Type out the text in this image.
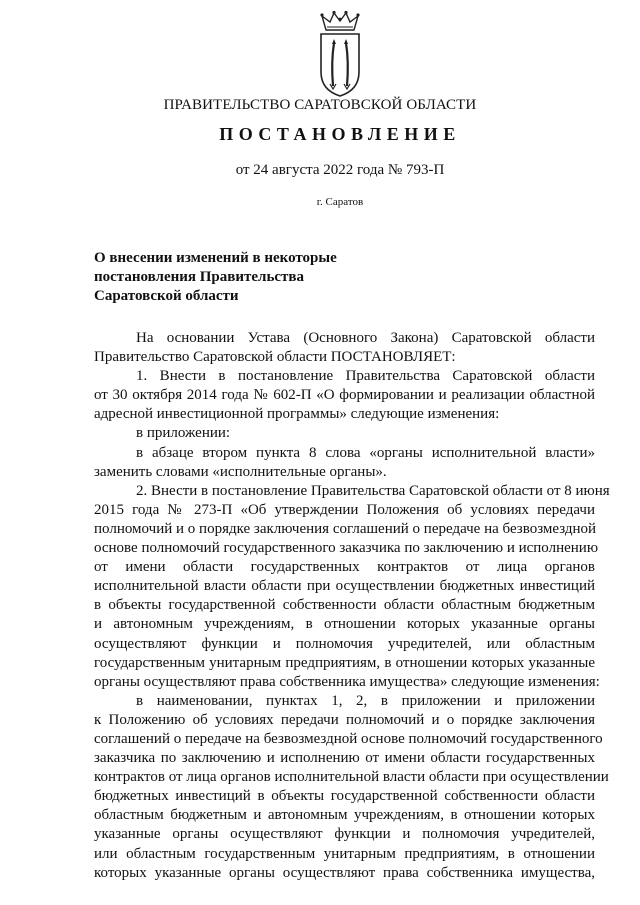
ПРАВИТЕЛЬСТВО САРАТОВСКОЙ ОБЛАСТИ
ПОСТАНОВЛЕНИЕ
от 24 августа 2022 года № 793-П
г. Саратов
О внесении изменений в некоторые
постановления Правительства
Саратовской области
На основании Устава (Основного Закона) Саратовской области
Правительство Саратовской области ПОСТАНОВЛЯЕТ:
1. Внести в постановление Правительства Саратовской области
от 30 октября 2014 года № 602-П «О формировании и реализации областной
адресной инвестиционной программы» следующие изменения:
в приложении:
в абзаце втором пункта 8 слова «органы исполнительной власти»
заменить словами «исполнительные органы».
2. Внести в постановление Правительства Саратовской области от 8 июня
2015 года № 273-П «Об утверждении Положения об условиях передачи
полномочий и о порядке заключения соглашений о передаче на безвозмездной
основе полномочий государственного заказчика по заключению и исполнению
от имени области государственных контрактов от лица органов
исполнительной власти области при осуществлении бюджетных инвестиций
в объекты государственной собственности области областным бюджетным
и автономным учреждениям, в отношении которых указанные органы
осуществляют функции и полномочия учредителей, или областным
государственным унитарным предприятиям, в отношении которых указанные
органы осуществляют права собственника имущества» следующие изменения:
в наименовании, пунктах 1, 2, в приложении и приложении
к Положению об условиях передачи полномочий и о порядке заключения
соглашений о передаче на безвозмездной основе полномочий государственного
заказчика по заключению и исполнению от имени области государственных
контрактов от лица органов исполнительной власти области при осуществлении
бюджетных инвестиций в объекты государственной собственности области
областным бюджетным и автономным учреждениям, в отношении которых
указанные органы осуществляют функции и полномочия учредителей,
или областным государственным унитарным предприятиям, в отношении
которых указанные органы осуществляют права собственника имущества,
